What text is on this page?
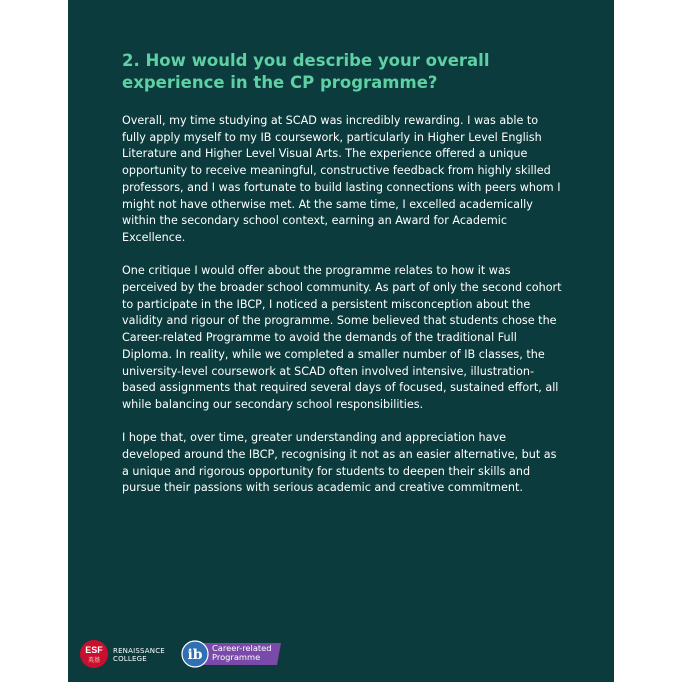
2. How would you describe your overall experience in the CP programme?

Overall, my time studying at SCAD was incredibly rewarding. I was able to fully apply myself to my IB coursework, particularly in Higher Level English Literature and Higher Level Visual Arts. The experience offered a unique opportunity to receive meaningful, constructive feedback from highly skilled professors, and I was fortunate to build lasting connections with peers whom I might not have otherwise met. At the same time, I excelled academically within the secondary school context, earning an Award for Academic Excellence.

One critique I would offer about the programme relates to how it was perceived by the broader school community. As part of only the second cohort to participate in the IBCP, I noticed a persistent misconception about the validity and rigour of the programme. Some believed that students chose the Career-related Programme to avoid the demands of the traditional Full Diploma. In reality, while we completed a smaller number of IB classes, the university-level coursework at SCAD often involved intensive, illustration-based assignments that required several days of focused, sustained effort, all while balancing our secondary school responsibilities.

I hope that, over time, greater understanding and appreciation have developed around the IBCP, recognising it not as an easier alternative, but as a unique and rigorous opportunity for students to deepen their skills and pursue their passions with serious academic and creative commitment.

ESF
英基
RENAISSANCE
COLLEGE	ib Career-related
Programme
